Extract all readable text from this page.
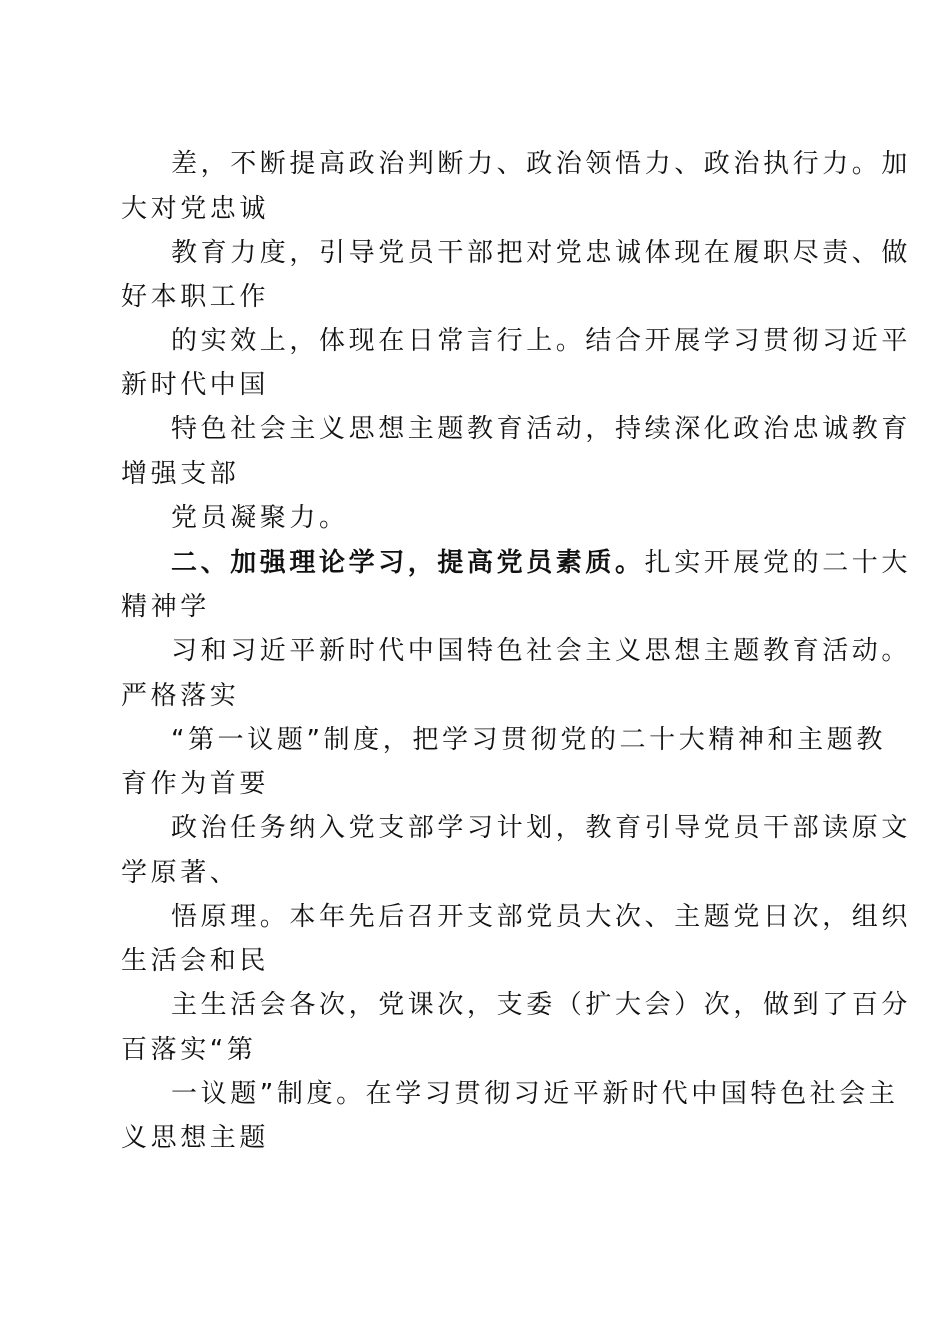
差，不断提高政治判断力、政治领悟力、政治执行力。加
大对党忠诚
教育力度，引导党员干部把对党忠诚体现在履职尽责、做
好本职工作
的实效上，体现在日常言行上。结合开展学习贯彻习近平
新时代中国
特色社会主义思想主题教育活动，持续深化政治忠诚教育
增强支部
党员凝聚力。
二、加强理论学习，提高党员素质。扎实开展党的二十大
精神学
习和习近平新时代中国特色社会主义思想主题教育活动。
严格落实
“第一议题”制度，把学习贯彻党的二十大精神和主题教
育作为首要
政治任务纳入党支部学习计划，教育引导党员干部读原文
学原著、
悟原理。本年先后召开支部党员大次、主题党日次，组织
生活会和民
主生活会各次，党课次，支委（扩大会）次，做到了百分
百落实“第
一议题”制度。在学习贯彻习近平新时代中国特色社会主
义思想主题
